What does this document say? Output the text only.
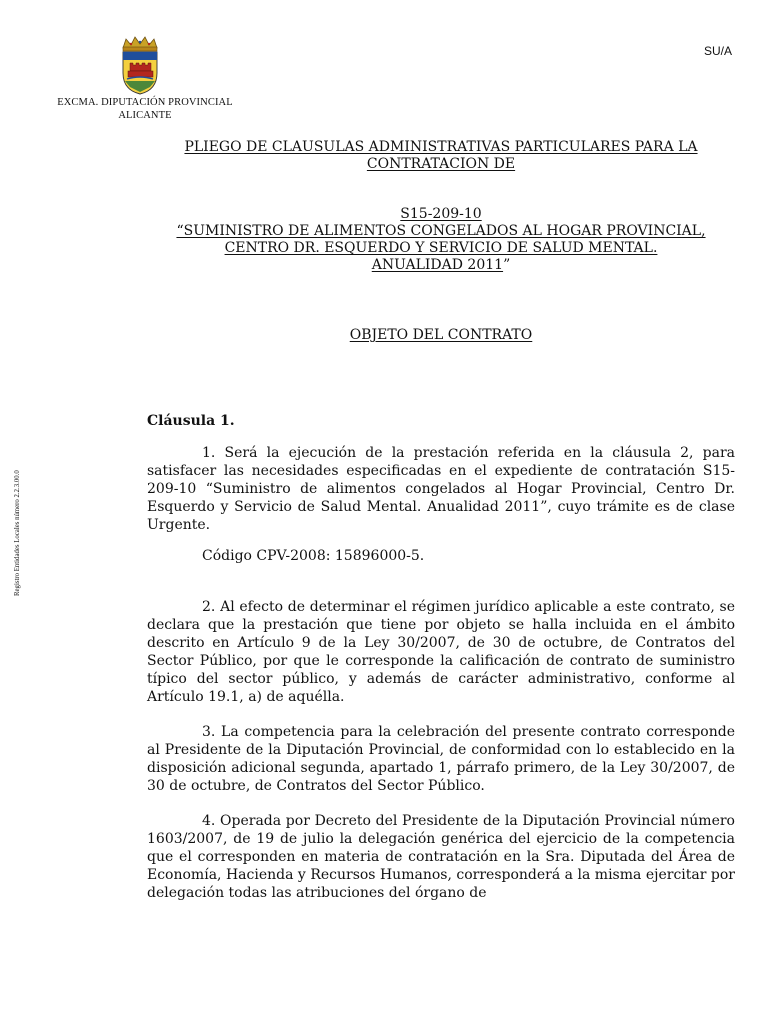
EXCMA. DIPUTACIÓN PROVINCIAL
ALICANTE
SU/A
Registro Entidades Locales número 2.2.3.00.0
PLIEGO DE CLAUSULAS ADMINISTRATIVAS PARTICULARES PARA LA
CONTRATACION DE
S15-209-10
“SUMINISTRO DE ALIMENTOS CONGELADOS AL HOGAR PROVINCIAL,
CENTRO DR. ESQUERDO Y SERVICIO DE SALUD MENTAL.
ANUALIDAD 2011”
OBJETO DEL CONTRATO
Cláusula 1.

1. Será la ejecución de la prestación referida en la cláusula 2, para satisfacer las necesidades especificadas en el expediente de contratación S15-209-10 “Suministro de alimentos congelados al Hogar Provincial, Centro Dr. Esquerdo y Servicio de Salud Mental. Anualidad 2011”, cuyo trámite es de clase Urgente.

Código CPV-2008: 15896000-5.

2. Al efecto de determinar el régimen jurídico aplicable a este contrato, se declara que la prestación que tiene por objeto se halla incluida en el ámbito descrito en Artículo 9 de la Ley 30/2007, de 30 de octubre, de Contratos del Sector Público, por que le corresponde la calificación de contrato de suministro típico del sector público, y además de carácter administrativo, conforme al Artículo 19.1, a) de aquélla.

3. La competencia para la celebración del presente contrato corresponde al Presidente de la Diputación Provincial, de conformidad con lo establecido en la disposición adicional segunda, apartado 1, párrafo primero, de la Ley 30/2007, de 30 de octubre, de Contratos del Sector Público.

4. Operada por Decreto del Presidente de la Diputación Provincial número 1603/2007, de 19 de julio la delegación genérica del ejercicio de la competencia que el corresponden en materia de contratación en la Sra. Diputada del Área de Economía, Hacienda y Recursos Humanos, corresponderá a la misma ejercitar por delegación todas las atribuciones del órgano de
